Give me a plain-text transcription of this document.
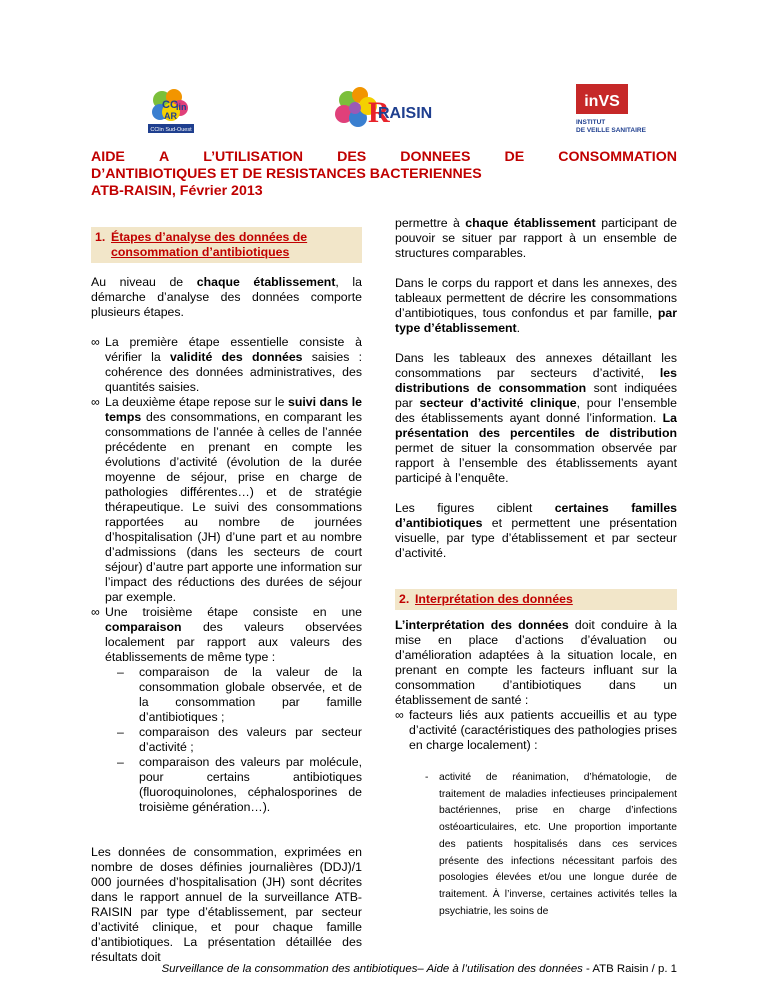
CC
lin
AR
CClin Sud-Ouest
R
RAISIN
inVS
INSTITUT
DE VEILLE SANITAIRE
AIDE A L’UTILISATION DES DONNEES DE CONSOMMATION
D’ANTIBIOTIQUES ET DE RESISTANCES BACTERIENNES
ATB-RAISIN, Février 2013
1. Étapes d’analyse des données de consommation d’antibiotiques

Au niveau de chaque établissement, la démarche d’analyse des données comporte plusieurs étapes.

∞ La première étape essentielle consiste à vérifier la validité des données saisies : cohérence des données administratives, des quantités saisies.
∞ La deuxième étape repose sur le suivi dans le temps des consommations, en comparant les consommations de l’année à celles de l’année précédente en prenant en compte les évolutions d’activité (évolution de la durée moyenne de séjour, prise en charge de pathologies différentes…) et de stratégie thérapeutique. Le suivi des consommations rapportées au nombre de journées d’hospitalisation (JH) d’une part et au nombre d’admissions (dans les secteurs de court séjour) d’autre part apporte une information sur l’impact des réductions des durées de séjour par exemple.
∞ Une troisième étape consiste en une comparaison des valeurs observées localement par rapport aux valeurs des établissements de même type :
– comparaison de la valeur de la consommation globale observée, et de la consommation par famille d’antibiotiques ;
– comparaison des valeurs par secteur d’activité ;
– comparaison des valeurs par molécule, pour certains antibiotiques (fluoroquinolones, céphalosporines de troisième génération…).

Les données de consommation, exprimées en nombre de doses définies journalières (DDJ)/1 000 journées d’hospitalisation (JH) sont décrites dans le rapport annuel de la surveillance ATB-RAISIN par type d’établissement, par secteur d’activité clinique, et pour chaque famille d’antibiotiques. La présentation détaillée des résultats doit

permettre à chaque établissement participant de pouvoir se situer par rapport à un ensemble de structures comparables.

Dans le corps du rapport et dans les annexes, des tableaux permettent de décrire les consommations d’antibiotiques, tous confondus et par famille, par type d’établissement.

Dans les tableaux des annexes détaillant les consommations par secteurs d’activité, les distributions de consommation sont indiquées par secteur d’activité clinique, pour l’ensemble des établissements ayant donné l’information. La présentation des percentiles de distribution permet de situer la consommation observée par rapport à l’ensemble des établissements ayant participé à l’enquête.

Les figures ciblent certaines familles d’antibiotiques et permettent une présentation visuelle, par type d’établissement et par secteur d’activité.

2. Interprétation des données

L’interprétation des données doit conduire à la mise en place d’actions d’évaluation ou d’amélioration adaptées à la situation locale, en prenant en compte les facteurs influant sur la consommation d’antibiotiques dans un établissement de santé :

∞ facteurs liés aux patients accueillis et au type d’activité (caractéristiques des pathologies prises en charge localement) :
- activité de réanimation, d’hématologie, de traitement de maladies infectieuses principalement bactériennes, prise en charge d’infections ostéoarticulaires, etc. Une proportion importante des patients hospitalisés dans ces services présente des infections nécessitant parfois des posologies élevées et/ou une longue durée de traitement. À l’inverse, certaines activités telles la psychiatrie, les soins de
Surveillance de la consommation des antibiotiques– Aide à l’utilisation des données - ATB Raisin / p. 1
